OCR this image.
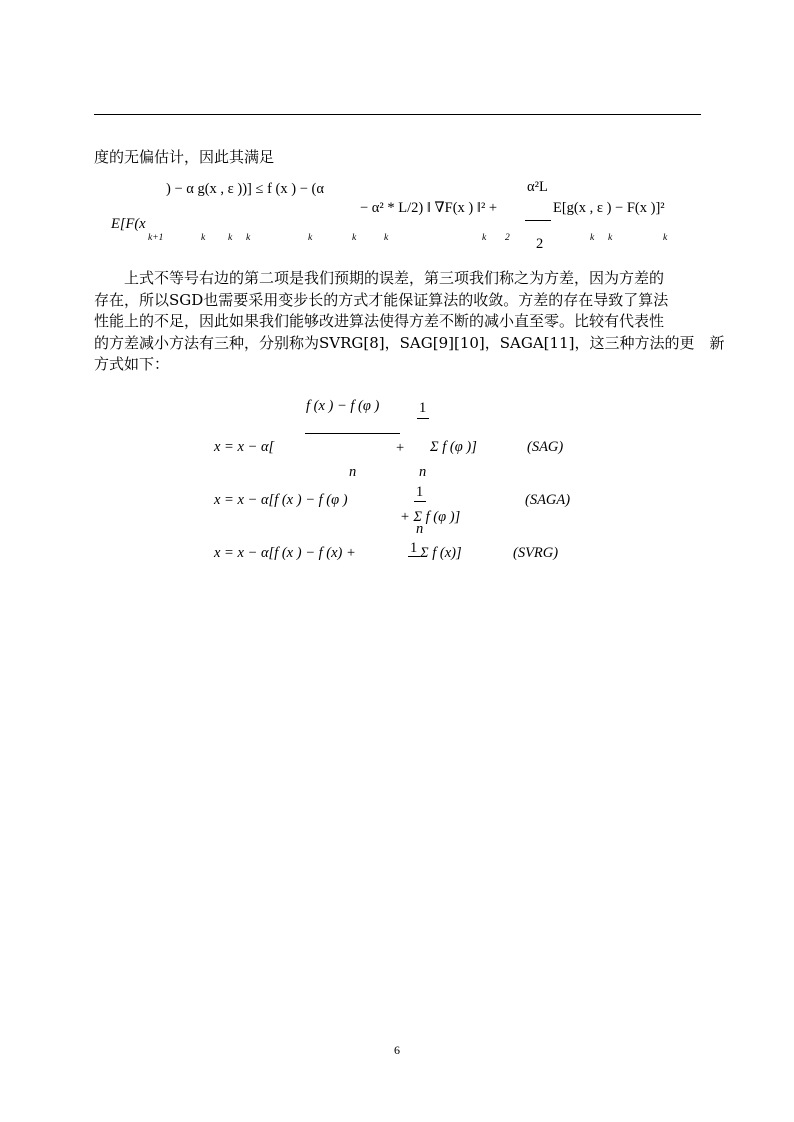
度的无偏估计，因此其满足
) − α g(x , ε ))] ≤ f (x ) − (α	α²L
− α² * L/2) ‖ ∇F(x ) ‖² +	E[g(x , ε ) − F(x )]²
E[F(x
2
k+1	k k k	k	k	k	k 2	k k	k
上式不等号右边的第二项是我们预期的误差，第三项我们称之为方差，因为方差的
存在，所以SGD也需要采用变步长的方式才能保证算法的收敛。方差的存在导致了算法
性能上的不足，因此如果我们能够改进算法使得方差不断的减小直至零。比较有代表性
的方差减小方法有三种，分别称为SVRG[8]，SAG[9][10]，SAGA[11]，这三种方法的更　新
方式如下：
f (x ) − f (φ )	1
x = x − α[	+ Σ f (φ )]
n	n
(SAG)
1
x = x − α[f (x ) − f (φ )
+ Σ f (φ )]
n
(SAGA)
x = x − α[f (x ) − f (x) +	1 Σ f (x)]	(SVRG)
6
